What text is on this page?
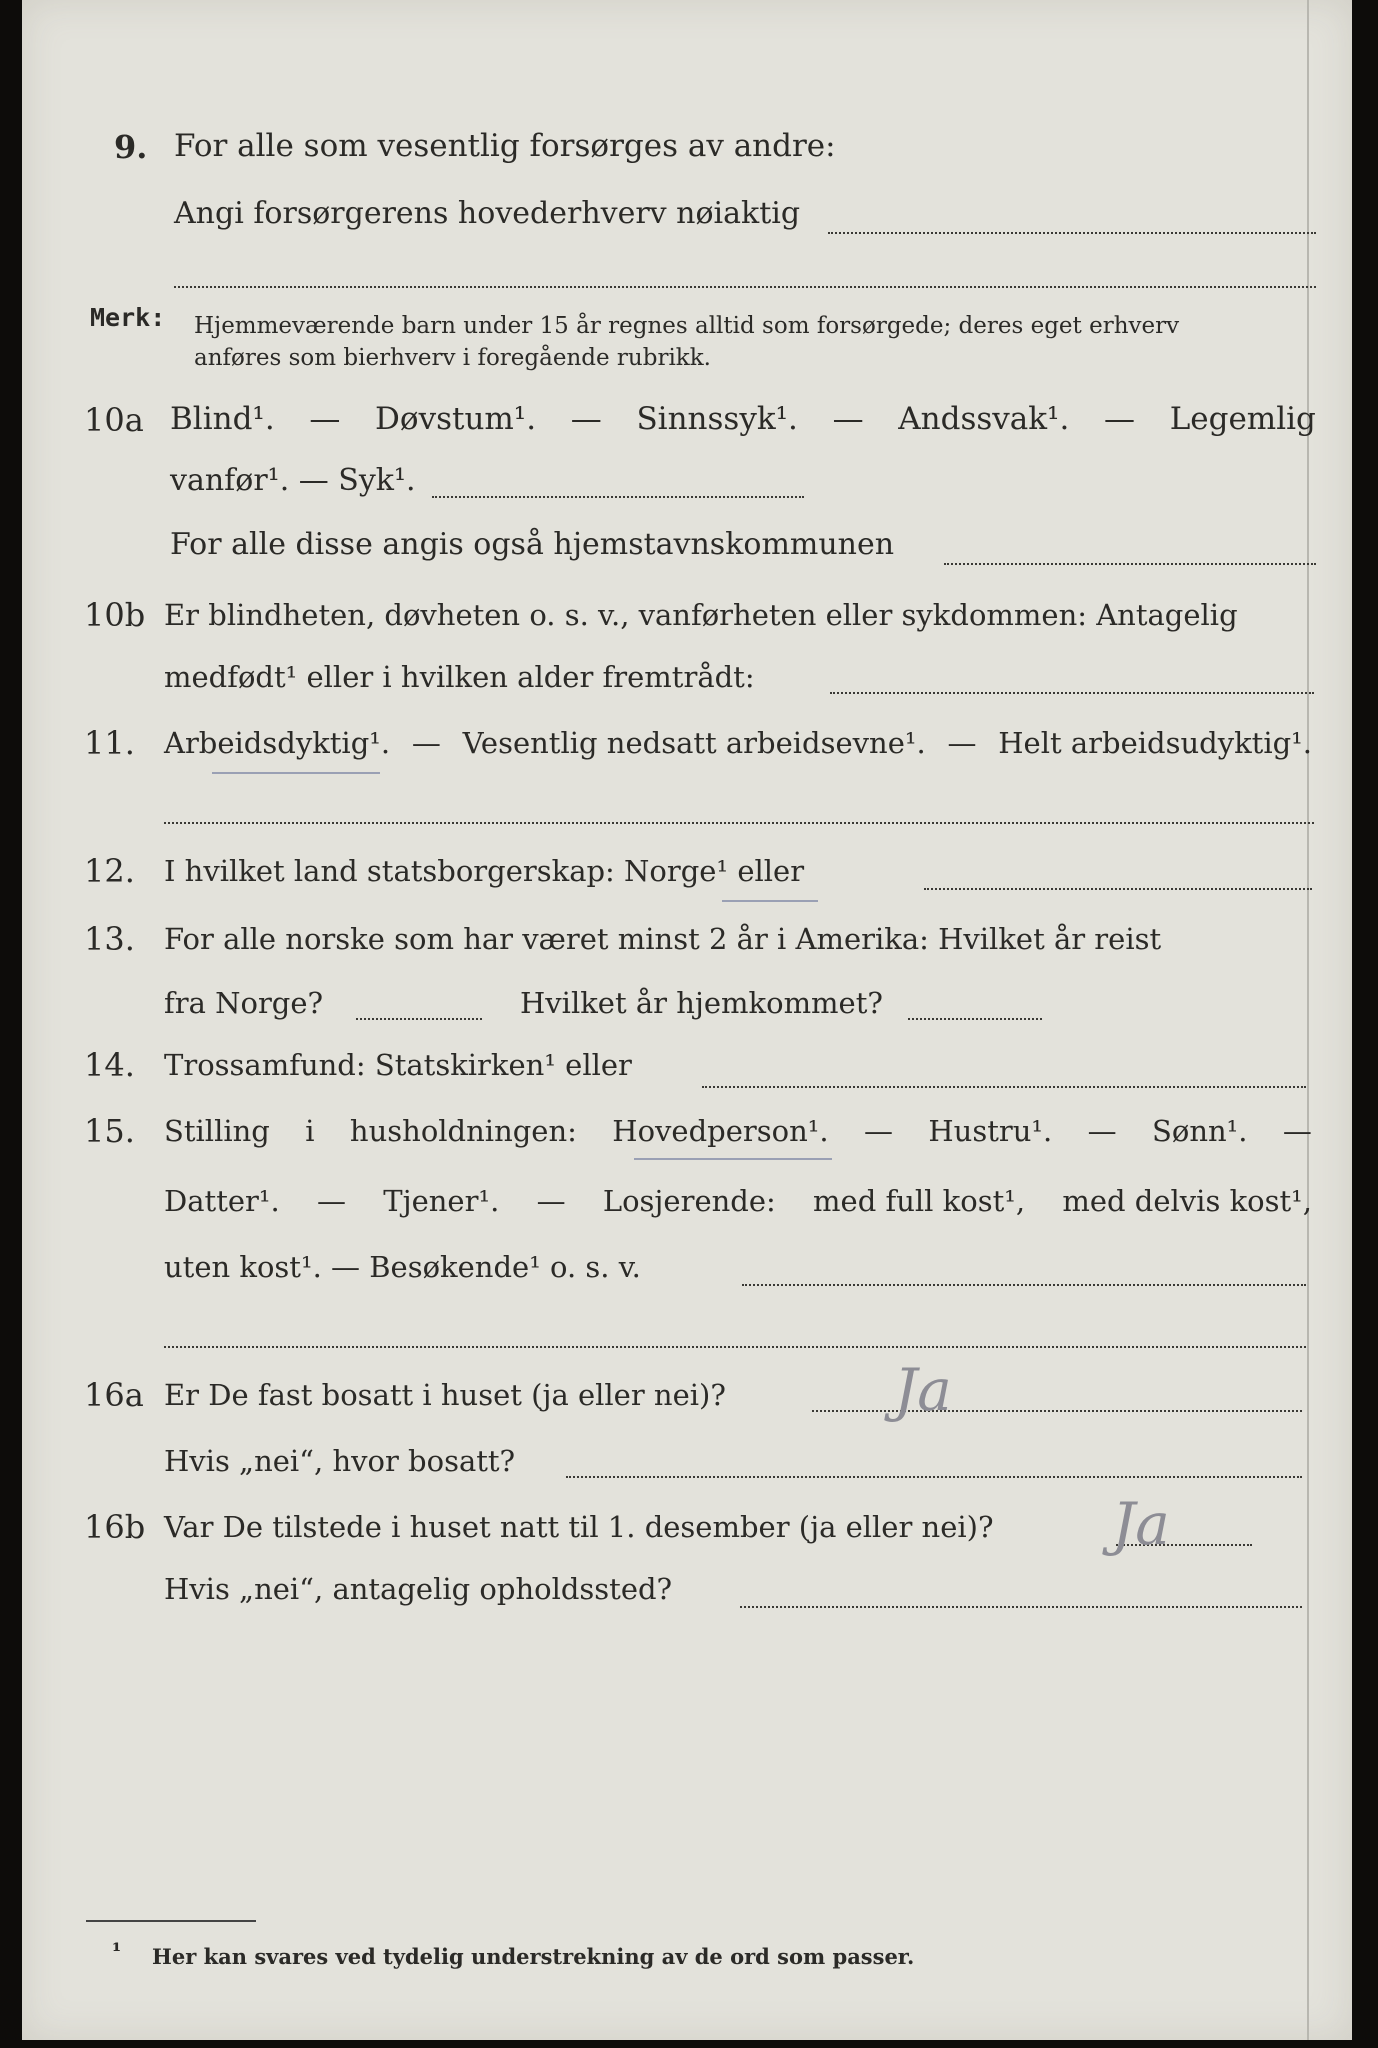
9. For alle som vesentlig forsørges av andre:
Angi forsørgerens hovederhverv nøiaktig
Merk: Hjemmeværende barn under 15 år regnes alltid som forsørgede; deres eget erhverv
anføres som bierhverv i foregående rubrikk.
10a Blind¹. — Døvstum¹. — Sinnssyk¹. — Andssvak¹. — Legemlig
vanfør¹. — Syk¹.
For alle disse angis også hjemstavnskommunen
10b Er blindheten, døvheten o. s. v., vanførheten eller sykdommen: Antagelig
medfødt¹ eller i hvilken alder fremtrådt:
11. Arbeidsdyktig¹. — Vesentlig nedsatt arbeidsevne¹. — Helt arbeidsudyktig¹.
12. I hvilket land statsborgerskap: Norge¹ eller
13. For alle norske som har været minst 2 år i Amerika: Hvilket år reist
fra Norge?	Hvilket år hjemkommet?
14. Trossamfund: Statskirken¹ eller
15. Stilling i husholdningen: Hovedperson¹. — Hustru¹. — Sønn¹. —
Datter¹. — Tjener¹. — Losjerende: med full kost¹, med delvis kost¹,
uten kost¹. — Besøkende¹ o. s. v.
16a Er De fast bosatt i huset (ja eller nei)?	Ja
Hvis „nei“, hvor bosatt?
16b Var De tilstede i huset natt til 1. desember (ja eller nei)? Ja
Hvis „nei“, antagelig opholdssted?
¹ Her kan svares ved tydelig understrekning av de ord som passer.
